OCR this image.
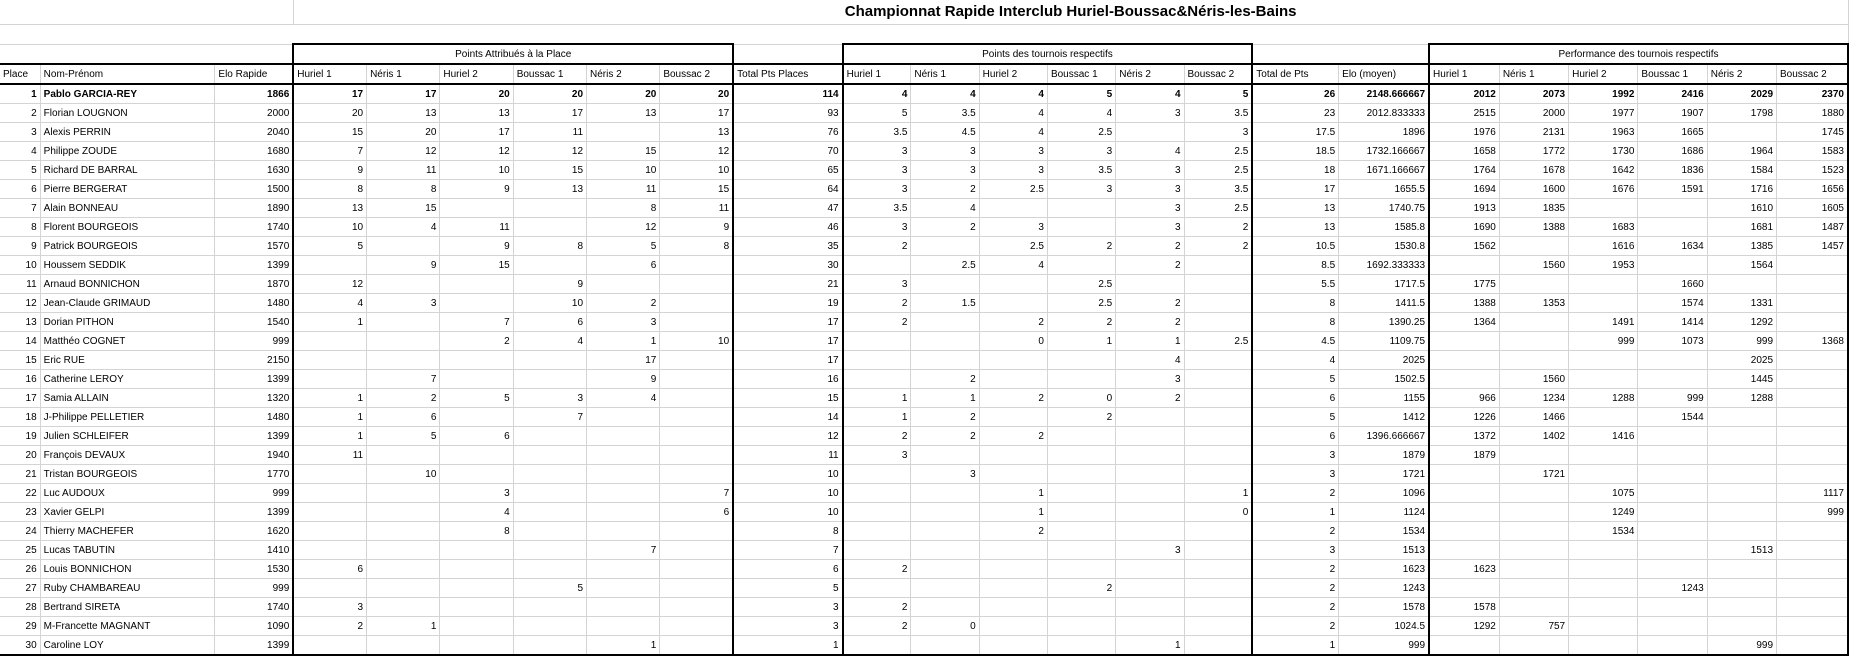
			Championnat Rapide Interclub Huriel-Boussac&Néris-les-Bains																				

			Points Attribués à la Place							Points des tournois respectifs								Performance des tournois respectifs					
Place	Nom-Prénom	Elo Rapide	Huriel 1	Néris 1	Huriel 2	Boussac 1	Néris 2	Boussac 2	Total Pts Places	Huriel 1	Néris 1	Huriel 2	Boussac 1	Néris 2	Boussac 2	Total de Pts	Elo (moyen)	Huriel 1	Néris 1	Huriel 2	Boussac 1	Néris 2	Boussac 2
1	Pablo GARCIA-REY	1866	17	17	20	20	20	20	114	4	4	4	5	4	5	26	2148.666667	2012	2073	1992	2416	2029	2370
2	Florian LOUGNON	2000	20	13	13	17	13	17	93	5	3.5	4	4	3	3.5	23	2012.833333	2515	2000	1977	1907	1798	1880
3	Alexis PERRIN	2040	15	20	17	11		13	76	3.5	4.5	4	2.5		3	17.5	1896	1976	2131	1963	1665		1745
4	Philippe ZOUDE	1680	7	12	12	12	15	12	70	3	3	3	3	4	2.5	18.5	1732.166667	1658	1772	1730	1686	1964	1583
5	Richard DE BARRAL	1630	9	11	10	15	10	10	65	3	3	3	3.5	3	2.5	18	1671.166667	1764	1678	1642	1836	1584	1523
6	Pierre BERGERAT	1500	8	8	9	13	11	15	64	3	2	2.5	3	3	3.5	17	1655.5	1694	1600	1676	1591	1716	1656
7	Alain BONNEAU	1890	13	15			8	11	47	3.5	4			3	2.5	13	1740.75	1913	1835			1610	1605
8	Florent BOURGEOIS	1740	10	4	11		12	9	46	3	2	3		3	2	13	1585.8	1690	1388	1683		1681	1487
9	Patrick BOURGEOIS	1570	5		9	8	5	8	35	2		2.5	2	2	2	10.5	1530.8	1562		1616	1634	1385	1457
10	Houssem SEDDIK	1399		9	15		6		30		2.5	4		2		8.5	1692.333333		1560	1953		1564	
11	Arnaud BONNICHON	1870	12			9			21	3			2.5			5.5	1717.5	1775			1660		
12	Jean-Claude GRIMAUD	1480	4	3		10	2		19	2	1.5		2.5	2		8	1411.5	1388	1353		1574	1331	
13	Dorian PITHON	1540	1		7	6	3		17	2		2	2	2		8	1390.25	1364		1491	1414	1292	
14	Matthéo COGNET	999			2	4	1	10	17			0	1	1	2.5	4.5	1109.75			999	1073	999	1368
15	Eric RUE	2150					17		17					4		4	2025					2025	
16	Catherine LEROY	1399		7			9		16		2			3		5	1502.5		1560			1445	
17	Samia ALLAIN	1320	1	2	5	3	4		15	1	1	2	0	2		6	1155	966	1234	1288	999	1288	
18	J-Philippe PELLETIER	1480	1	6		7			14	1	2		2			5	1412	1226	1466		1544		
19	Julien SCHLEIFER	1399	1	5	6				12	2	2	2				6	1396.666667	1372	1402	1416			
20	François DEVAUX	1940	11						11	3						3	1879	1879					
21	Tristan BOURGEOIS	1770		10					10		3					3	1721		1721				
22	Luc AUDOUX	999			3			7	10			1			1	2	1096			1075			1117
23	Xavier GELPI	1399			4			6	10			1			0	1	1124			1249			999
24	Thierry MACHEFER	1620			8				8			2				2	1534			1534			
25	Lucas TABUTIN	1410					7		7					3		3	1513					1513	
26	Louis BONNICHON	1530	6						6	2						2	1623	1623					
27	Ruby CHAMBAREAU	999				5			5				2			2	1243				1243		
28	Bertrand SIRETA	1740	3						3	2						2	1578	1578					
29	M-Francette MAGNANT	1090	2	1					3	2	0					2	1024.5	1292	757				
30	Caroline LOY	1399					1		1					1		1	999					999	
